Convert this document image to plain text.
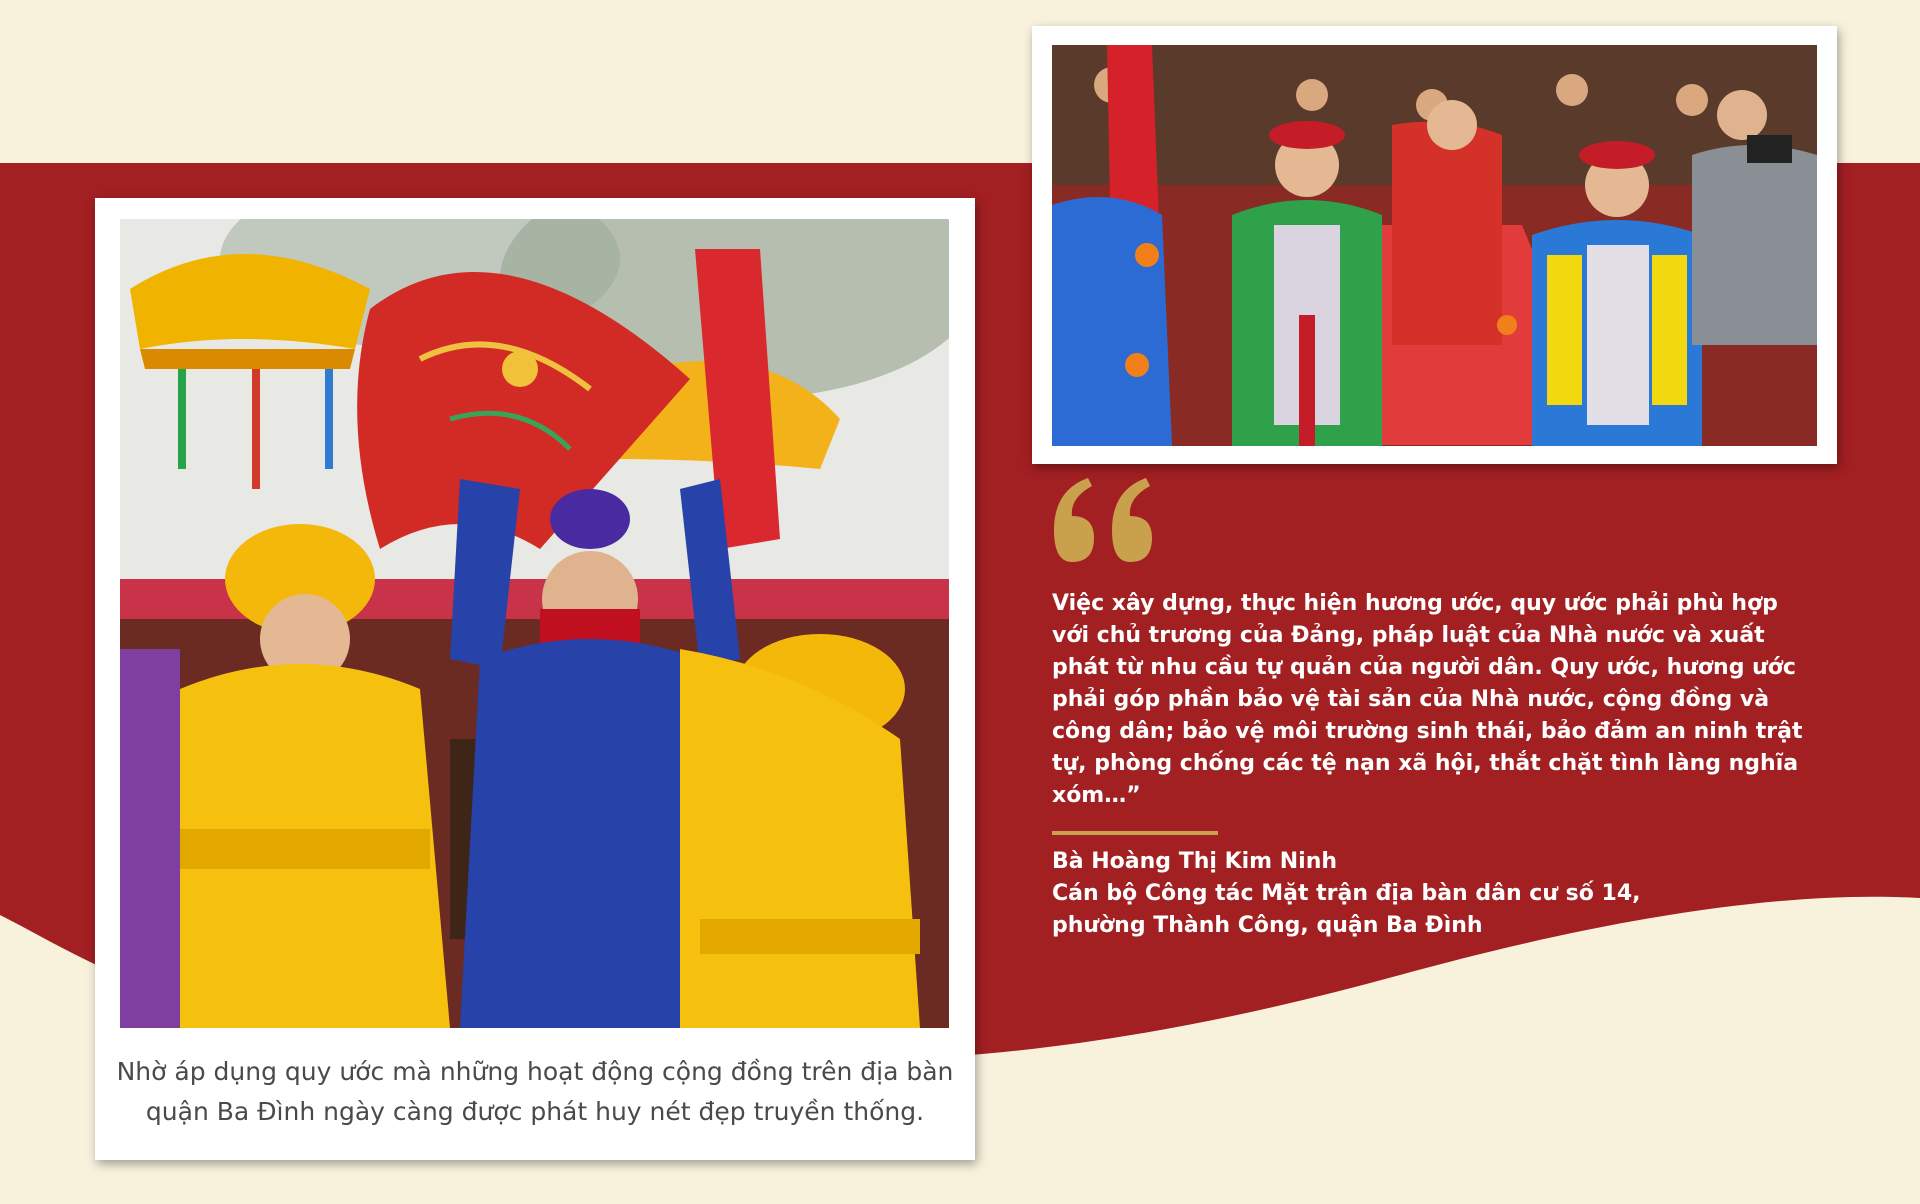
Nhờ áp dụng quy ước mà những hoạt động cộng đồng trên địa bàn quận Ba Đình ngày càng được phát huy nét đẹp truyền thống.
Việc xây dựng, thực hiện hương ước, quy ước phải phù hợp với chủ trương của Đảng, pháp luật của Nhà nước và xuất phát từ nhu cầu tự quản của người dân. Quy ước, hương ước phải góp phần bảo vệ tài sản của Nhà nước, cộng đồng và công dân; bảo vệ môi trường sinh thái, bảo đảm an ninh trật tự, phòng chống các tệ nạn xã hội, thắt chặt tình làng nghĩa xóm…”
Bà Hoàng Thị Kim Ninh
Cán bộ Công tác Mặt trận địa bàn dân cư số 14,
phường Thành Công, quận Ba Đình
